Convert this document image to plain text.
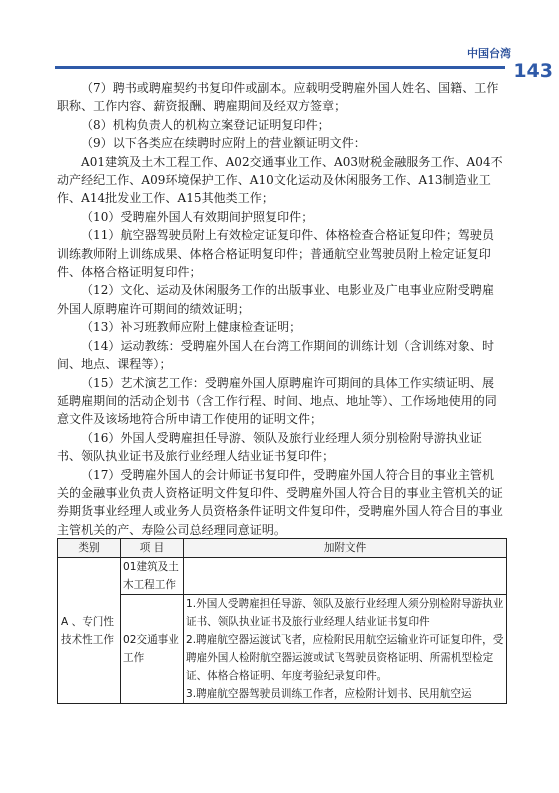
中国台湾
143

（7）聘书或聘雇契约书复印件或副本。应载明受聘雇外国人姓名、国籍、工作职称、工作内容、薪资报酬、聘雇期间及经双方签章；

（8）机构负责人的机构立案登记证明复印件；

（9）以下各类应在续聘时应附上的营业额证明文件：

A01建筑及土木工程工作、A02交通事业工作、A03财税金融服务工作、A04不动产经纪工作、A09环境保护工作、A10文化运动及休闲服务工作、A13制造业工作、A14批发业工作、A15其他类工作；

（10）受聘雇外国人有效期间护照复印件；

（11）航空器驾驶员附上有效检定证复印件、体格检查合格证复印件；驾驶员训练教师附上训练成果、体格合格证明复印件；普通航空业驾驶员附上检定证复印件、体格合格证明复印件；

（12）文化、运动及休闲服务工作的出版事业、电影业及广电事业应附受聘雇外国人原聘雇许可期间的绩效证明；

（13）补习班教师应附上健康检查证明；

（14）运动教练：受聘雇外国人在台湾工作期间的训练计划（含训练对象、时间、地点、课程等）；

（15）艺术演艺工作：受聘雇外国人原聘雇许可期间的具体工作实绩证明、展延聘雇期间的活动企划书（含工作行程、时间、地点、地址等）、工作场地使用的同意文件及该场地符合所申请工作使用的证明文件；

（16）外国人受聘雇担任导游、领队及旅行业经理人须分别检附导游执业证书、领队执业证书及旅行业经理人结业证书复印件；

（17）受聘雇外国人的会计师证书复印件，受聘雇外国人符合目的事业主管机关的金融事业负责人资格证明文件复印件、受聘雇外国人符合目的事业主管机关的证券期货事业经理人或业务人员资格条件证明文件复印件，受聘雇外国人符合目的事业主管机关的产、寿险公司总经理同意证明。

类别	项 目	加附文件
A 、专门性技术性工作	01建筑及土木工程工作	
	02交通事业工作	1.外国人受聘雇担任导游、领队及旅行业经理人须分别检附导游执业证书、领队执业证书及旅行业经理人结业证书复印件
2.聘雇航空器运渡试飞者，应检附民用航空运输业许可证复印件，受聘雇外国人检附航空器运渡或试飞驾驶员资格证明、所需机型检定证、体格合格证明、年度考验纪录复印件。
3.聘雇航空器驾驶员训练工作者，应检附计划书、民用航空运
